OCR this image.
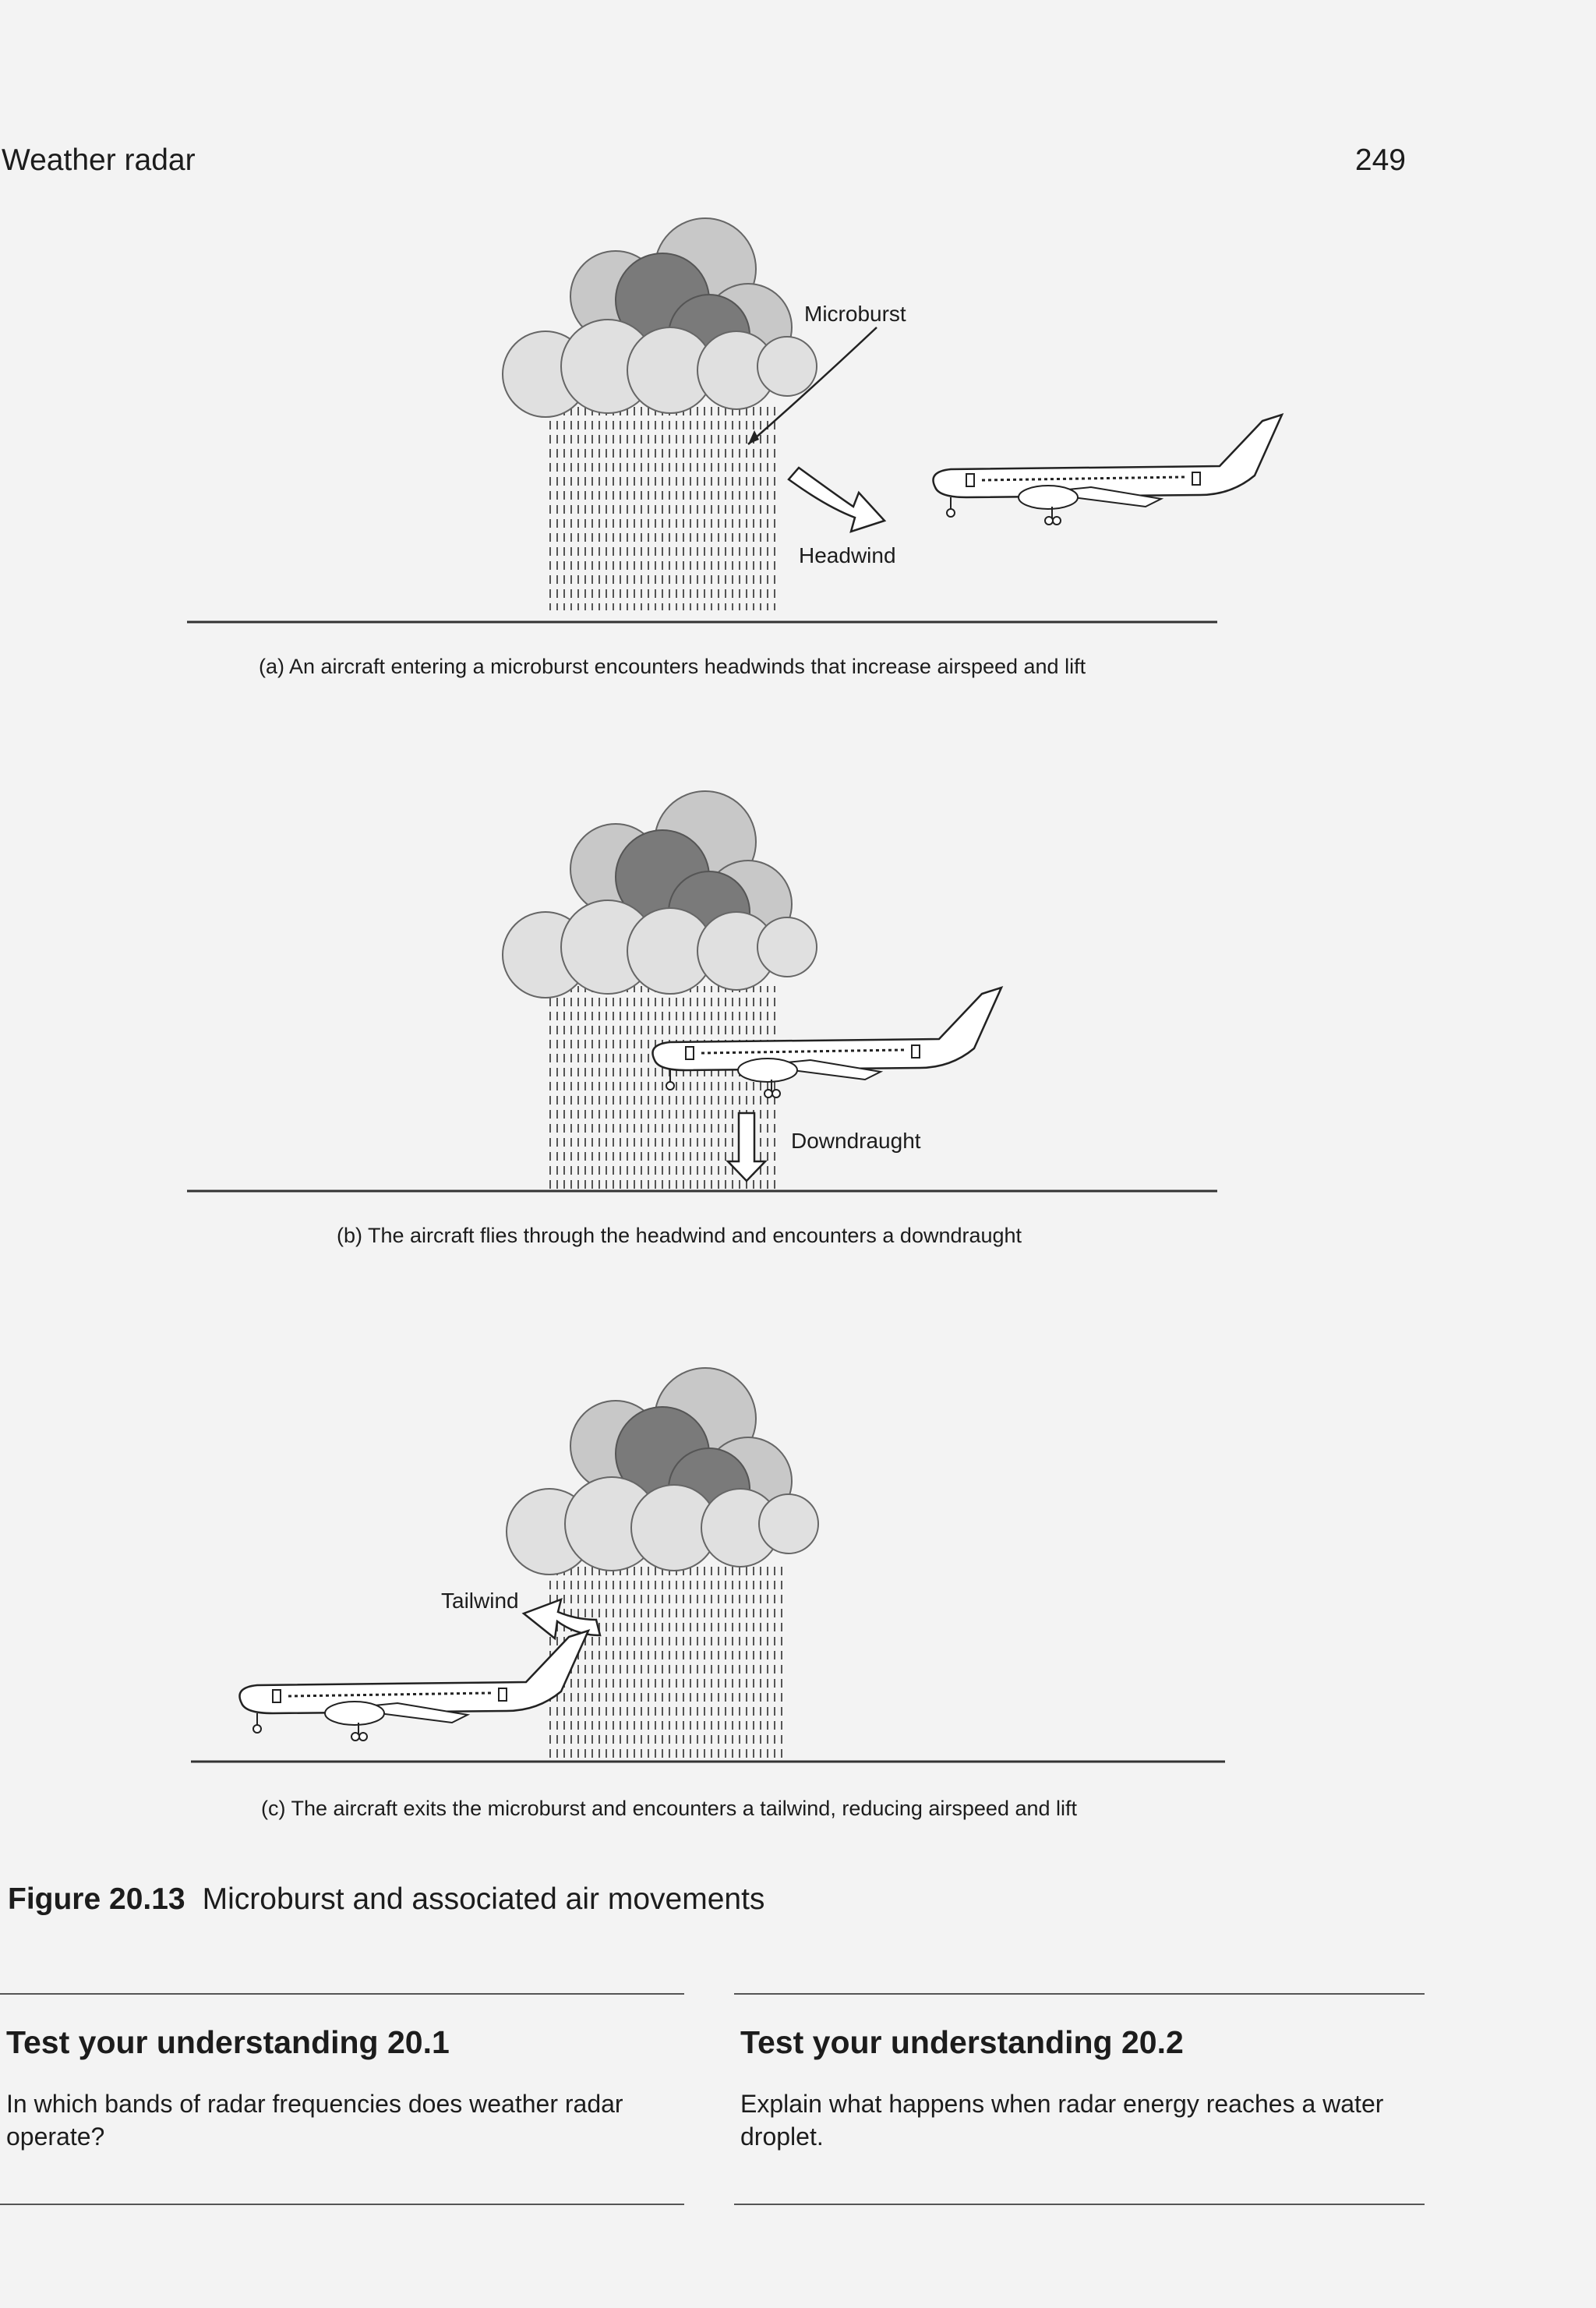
Weather radar	249
Microburst
Headwind
(a) An aircraft entering a microburst encounters headwinds that increase airspeed and lift
Downdraught
(b) The aircraft flies through the headwind and encounters a downdraught
Tailwind
(c) The aircraft exits the microburst and encounters a tailwind, reducing airspeed and lift
Figure 20.13 Microburst and associated air movements
Test your understanding 20.1

In which bands of radar frequencies does weather radar operate?

Test your understanding 20.2

Explain what happens when radar energy reaches a water droplet.
